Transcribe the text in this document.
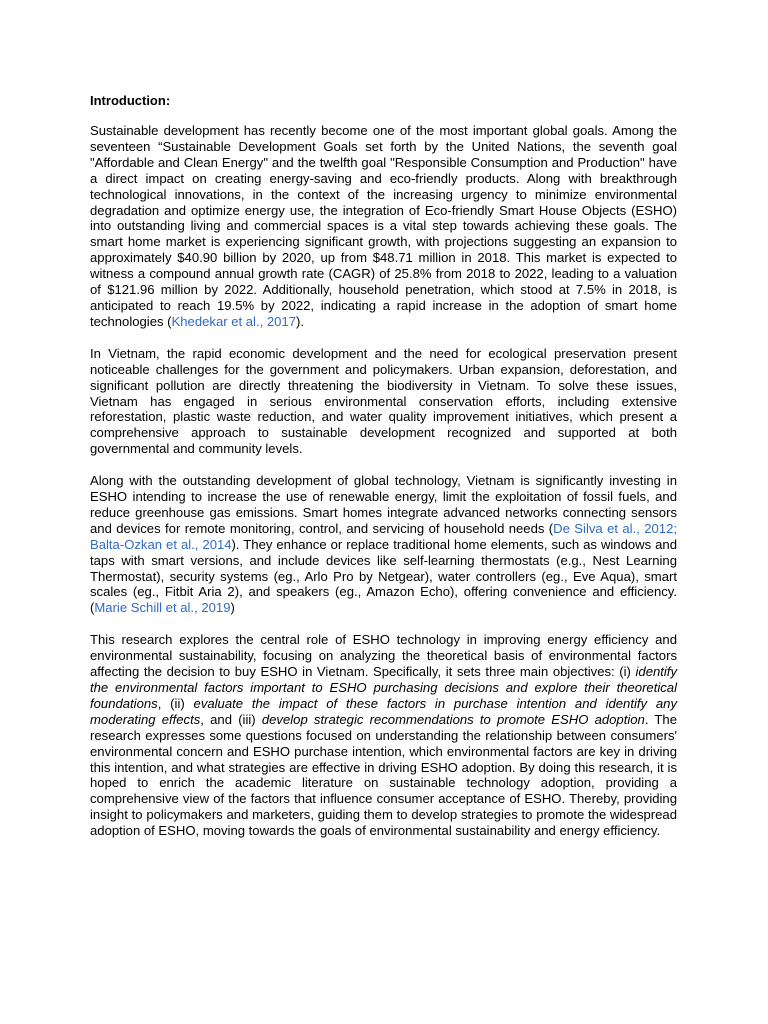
Introduction:

Sustainable development has recently become one of the most important global goals. Among the seventeen “Sustainable Development Goals set forth by the United Nations, the seventh goal "Affordable and Clean Energy" and the twelfth goal "Responsible Consumption and Production" have a direct impact on creating energy-saving and eco-friendly products. Along with breakthrough technological innovations, in the context of the increasing urgency to minimize environmental degradation and optimize energy use, the integration of Eco-friendly Smart House Objects (ESHO) into outstanding living and commercial spaces is a vital step towards achieving these goals. The smart home market is experiencing significant growth, with projections suggesting an expansion to approximately $40.90 billion by 2020, up from $48.71 million in 2018. This market is expected to witness a compound annual growth rate (CAGR) of 25.8% from 2018 to 2022, leading to a valuation of $121.96 million by 2022. Additionally, household penetration, which stood at 7.5% in 2018, is anticipated to reach 19.5% by 2022, indicating a rapid increase in the adoption of smart home technologies (Khedekar et al., 2017).

In Vietnam, the rapid economic development and the need for ecological preservation present noticeable challenges for the government and policymakers. Urban expansion, deforestation, and significant pollution are directly threatening the biodiversity in Vietnam. To solve these issues, Vietnam has engaged in serious environmental conservation efforts, including extensive reforestation, plastic waste reduction, and water quality improvement initiatives, which present a comprehensive approach to sustainable development recognized and supported at both governmental and community levels.

Along with the outstanding development of global technology, Vietnam is significantly investing in ESHO intending to increase the use of renewable energy, limit the exploitation of fossil fuels, and reduce greenhouse gas emissions. Smart homes integrate advanced networks connecting sensors and devices for remote monitoring, control, and servicing of household needs (De Silva et al., 2012; Balta-Ozkan et al., 2014). They enhance or replace traditional home elements, such as windows and taps with smart versions, and include devices like self-learning thermostats (e.g., Nest Learning Thermostat), security systems (eg., Arlo Pro by Netgear), water controllers (eg., Eve Aqua), smart scales (eg., Fitbit Aria 2), and speakers (eg., Amazon Echo), offering convenience and efficiency. (Marie Schill et al., 2019)

This research explores the central role of ESHO technology in improving energy efficiency and environmental sustainability, focusing on analyzing the theoretical basis of environmental factors affecting the decision to buy ESHO in Vietnam. Specifically, it sets three main objectives: (i) identify the environmental factors important to ESHO purchasing decisions and explore their theoretical foundations, (ii) evaluate the impact of these factors in purchase intention and identify any moderating effects, and (iii) develop strategic recommendations to promote ESHO adoption. The research expresses some questions focused on understanding the relationship between consumers' environmental concern and ESHO purchase intention, which environmental factors are key in driving this intention, and what strategies are effective in driving ESHO adoption. By doing this research, it is hoped to enrich the academic literature on sustainable technology adoption, providing a comprehensive view of the factors that influence consumer acceptance of ESHO. Thereby, providing insight to policymakers and marketers, guiding them to develop strategies to promote the widespread adoption of ESHO, moving towards the goals of environmental sustainability and energy efficiency.
